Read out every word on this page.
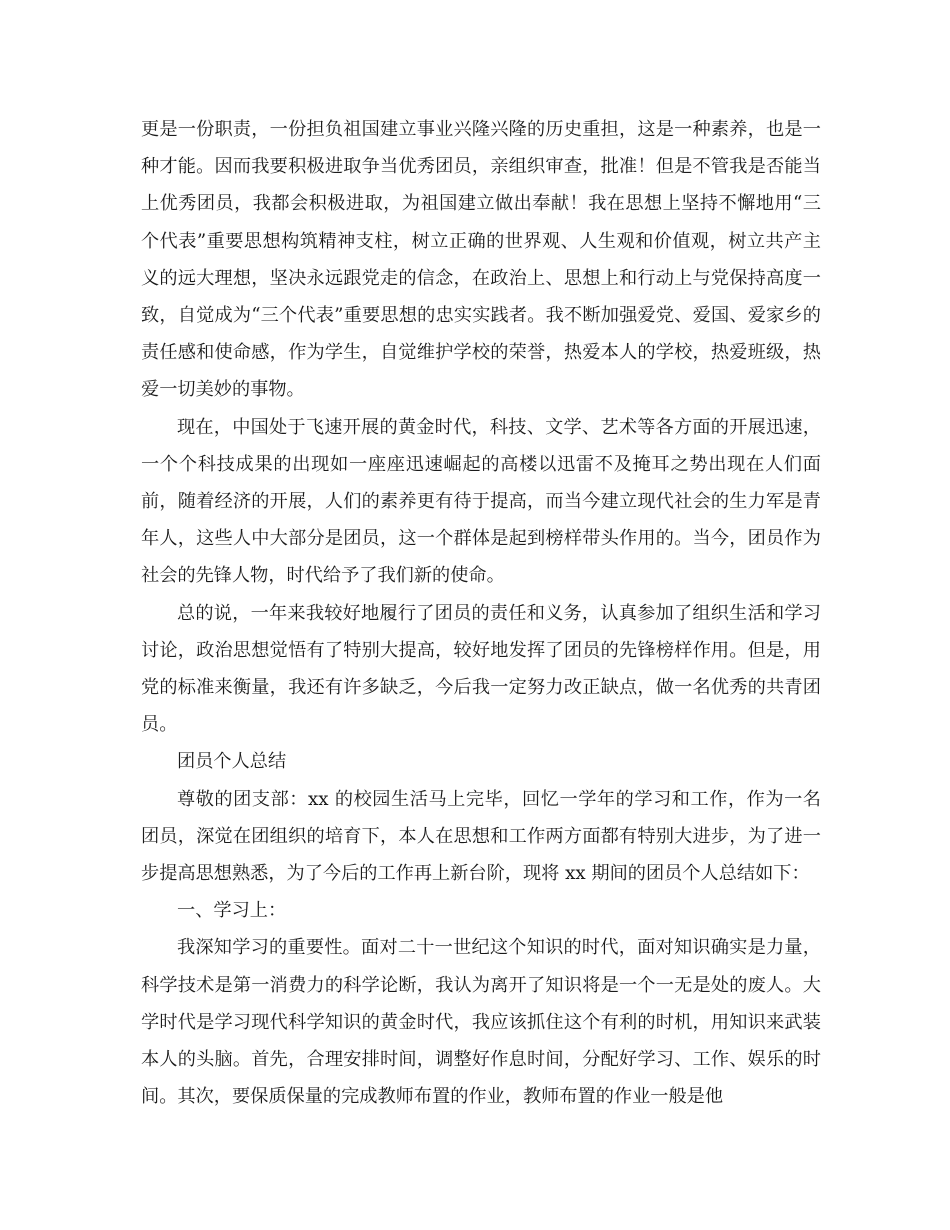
更是一份职责，一份担负祖国建立事业兴隆兴隆的历史重担，这是一种素养，也是一种才能。因而我要积极进取争当优秀团员，亲组织审查，批准！但是不管我是否能当上优秀团员，我都会积极进取，为祖国建立做出奉献！我在思想上坚持不懈地用“三个代表”重要思想构筑精神支柱，树立正确的世界观、人生观和价值观，树立共产主义的远大理想，坚决永远跟党走的信念，在政治上、思想上和行动上与党保持高度一致，自觉成为“三个代表”重要思想的忠实实践者。我不断加强爱党、爱国、爱家乡的责任感和使命感，作为学生，自觉维护学校的荣誉，热爱本人的学校，热爱班级，热爱一切美妙的事物。

现在，中国处于飞速开展的黄金时代，科技、文学、艺术等各方面的开展迅速，一个个科技成果的出现如一座座迅速崛起的高楼以迅雷不及掩耳之势出现在人们面前，随着经济的开展，人们的素养更有待于提高，而当今建立现代社会的生力军是青年人，这些人中大部分是团员，这一个群体是起到榜样带头作用的。当今，团员作为社会的先锋人物，时代给予了我们新的使命。

总的说，一年来我较好地履行了团员的责任和义务，认真参加了组织生活和学习讨论，政治思想觉悟有了特别大提高，较好地发挥了团员的先锋榜样作用。但是，用党的标准来衡量，我还有许多缺乏，今后我一定努力改正缺点，做一名优秀的共青团员。

团员个人总结

尊敬的团支部：xx 的校园生活马上完毕，回忆一学年的学习和工作，作为一名团员，深觉在团组织的培育下，本人在思想和工作两方面都有特别大进步，为了进一步提高思想熟悉，为了今后的工作再上新台阶，现将 xx 期间的团员个人总结如下：

一、学习上：

我深知学习的重要性。面对二十一世纪这个知识的时代，面对知识确实是力量，科学技术是第一消费力的科学论断，我认为离开了知识将是一个一无是处的废人。大学时代是学习现代科学知识的黄金时代，我应该抓住这个有利的时机，用知识来武装本人的头脑。首先，合理安排时间，调整好作息时间，分配好学习、工作、娱乐的时间。其次，要保质保量的完成教师布置的作业，教师布置的作业一般是他
